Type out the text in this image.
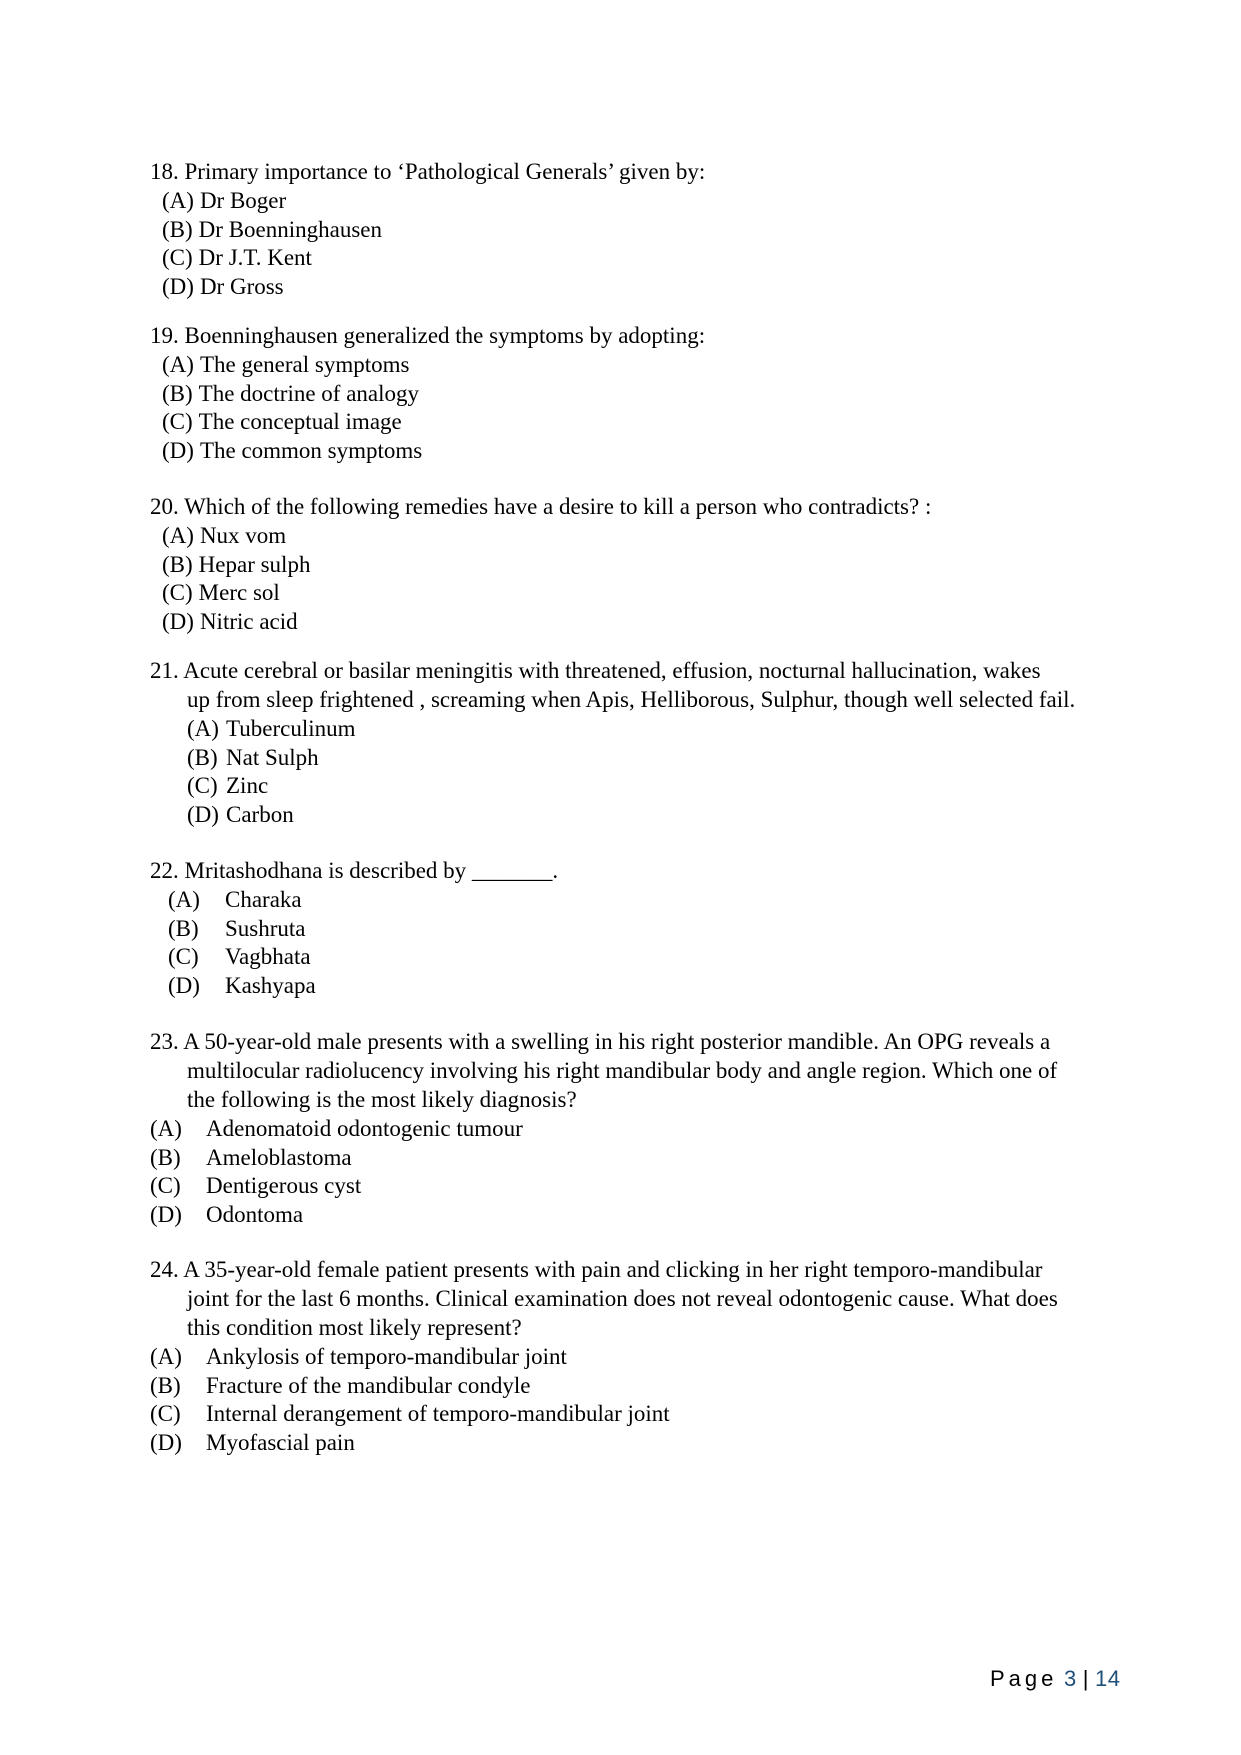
18. Primary importance to ‘Pathological Generals’ given by:
(A) Dr Boger
(B) Dr Boenninghausen
(C) Dr J.T. Kent
(D) Dr Gross
19. Boenninghausen generalized the symptoms by adopting:
(A) The general symptoms
(B) The doctrine of analogy
(C) The conceptual image
(D) The common symptoms
20. Which of the following remedies have a desire to kill a person who contradicts? :
(A) Nux vom
(B) Hepar sulph
(C) Merc sol
(D) Nitric acid
21. Acute cerebral or basilar meningitis with threatened, effusion, nocturnal hallucination, wakes
up from sleep frightened , screaming when Apis, Helliborous, Sulphur, though well selected fail.
(A) Tuberculinum
(B) Nat Sulph
(C) Zinc
(D) Carbon
22. Mritashodhana is described by _______.
(A)	Charaka
(B)	Sushruta
(C)	Vagbhata
(D)	Kashyapa
23. A 50-year-old male presents with a swelling in his right posterior mandible. An OPG reveals a
multilocular radiolucency involving his right mandibular body and angle region. Which one of
the following is the most likely diagnosis?
(A)	Adenomatoid odontogenic tumour
(B)	Ameloblastoma
(C)	Dentigerous cyst
(D)	Odontoma
24. A 35-year-old female patient presents with pain and clicking in her right temporo-mandibular
joint for the last 6 months. Clinical examination does not reveal odontogenic cause. What does
this condition most likely represent?
(A)	Ankylosis of temporo-mandibular joint
(B)	Fracture of the mandibular condyle
(C)	Internal derangement of temporo-mandibular joint
(D)	Myofascial pain
Page 3 | 14
